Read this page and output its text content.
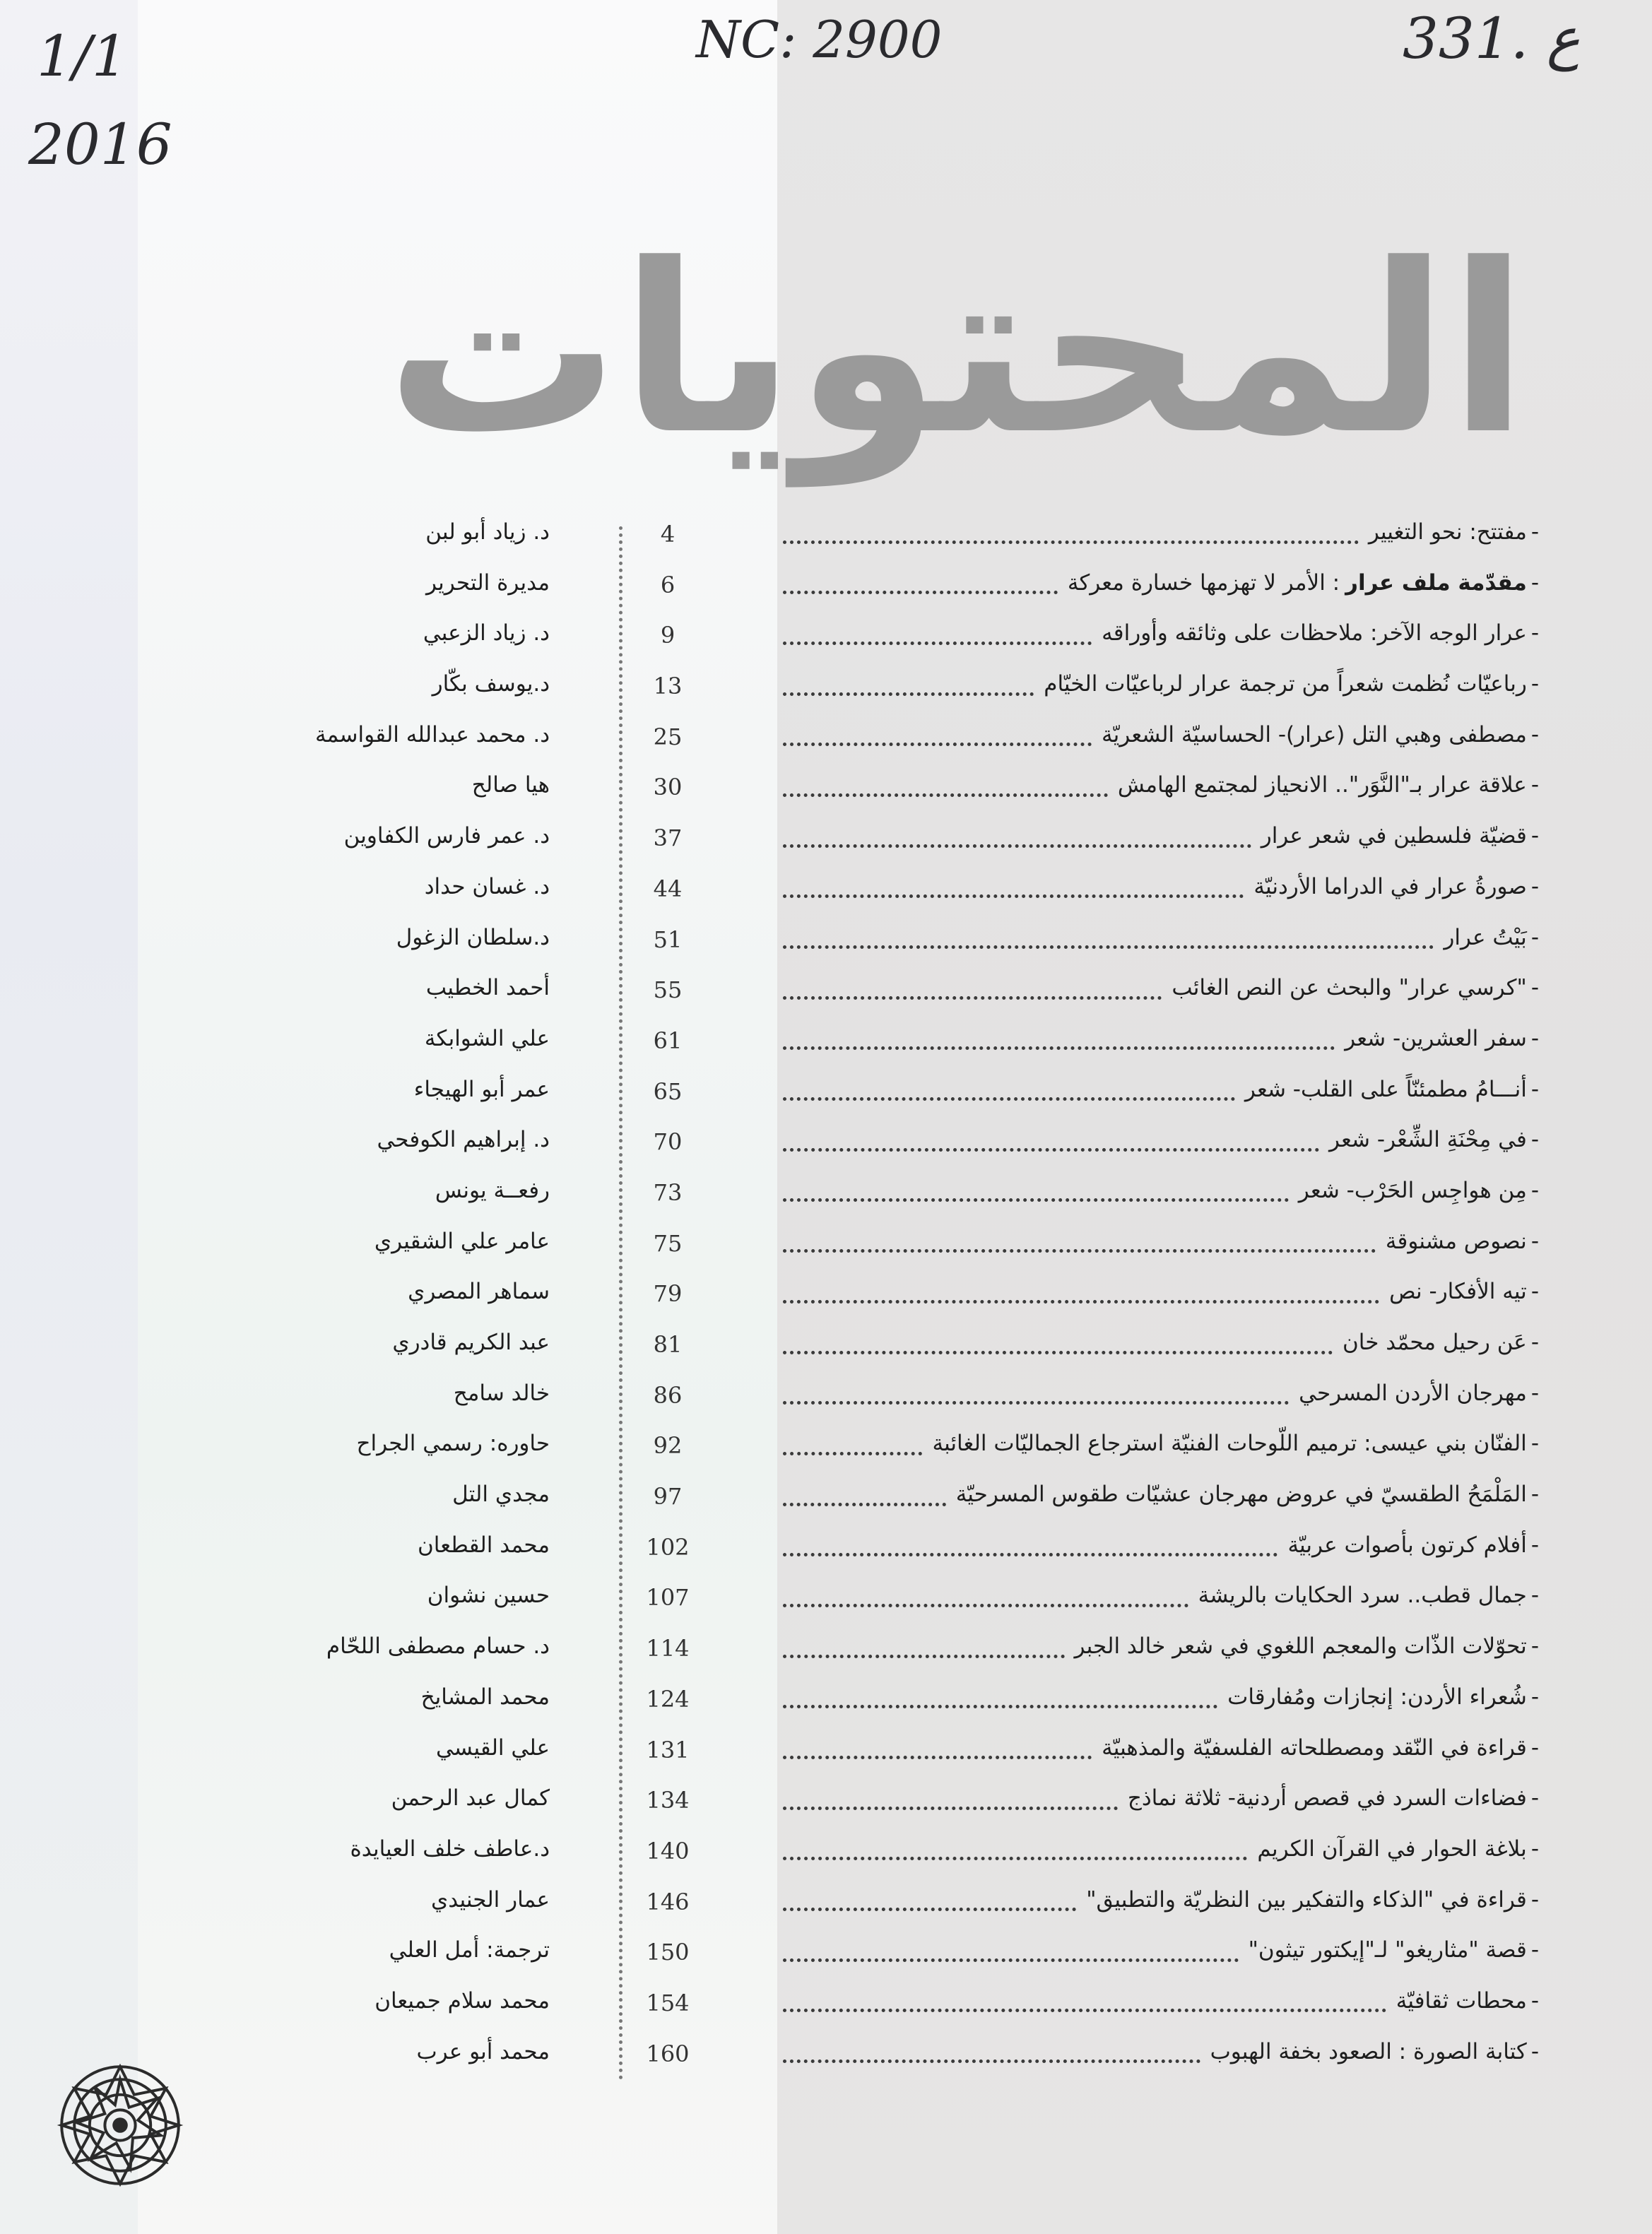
1/1
2016
NC: 2900	331. ع
المحتويات
-
مفتتح: نحو التغيير
4
د. زياد أبو لبن
-
مقدّمة ملف عرار
: الأمر لا تهزمها خسارة معركة
6
مديرة التحرير
-
عرار الوجه الآخر: ملاحظات على وثائقه وأوراقه
9
د. زياد الزعبي
-
رباعيّات نُظمت شعراً من ترجمة عرار لرباعيّات الخيّام
13
د.يوسف بكّار
-
مصطفى وهبي التل (عرار)- الحساسيّة الشعريّة
25
د. محمد عبدالله القواسمة
-
علاقة عرار بـ"النَّوَر".. الانحياز لمجتمع الهامش
30
هيا صالح
-
قضيّة فلسطين في شعر عرار
37
د. عمر فارس الكفاوين
-
صورةُ عرار في الدراما الأردنيّة
44
د. غسان حداد
-
بَيْتُ عرار
51
د.سلطان الزغول
-
"كرسي عرار" والبحث عن النص الغائب
55
أحمد الخطيب
-
سفر العشرين- شعر
61
علي الشوابكة
-
أنـــامُ مطمئنّاً على القلب- شعر
65
عمر أبو الهيجاء
-
في مِحْنَةِ الشِّعْر- شعر
70
د. إبراهيم الكوفحي
-
مِن هواجِس الحَرْب- شعر
73
رفعــة يونس
-
نصوص مشنوقة
75
عامر علي الشقيري
-
تيه الأفكار- نص
79
سماهر المصري
-
عَن رحيل محمّد خان
81
عبد الكريم قادري
-
مهرجان الأردن المسرحي
86
خالد سامح
-
الفنّان بني عيسى: ترميم اللّوحات الفنيّة استرجاع الجماليّات الغائبة
92
حاوره: رسمي الجراح
-
المَلْمَحُ الطقسيّ في عروض مهرجان عشيّات طقوس المسرحيّة
97
مجدي التل
-
أفلام كرتون بأصوات عربيّة
102
محمد القطعان
-
جمال قطب.. سرد الحكايات بالريشة
107
حسين نشوان
-
تحوّلات الذّات والمعجم اللغوي في شعر خالد الجبر
114
د. حسام مصطفى اللحّام
-
شُعراء الأردن: إنجازات ومُفارقات
124
محمد المشايخ
-
قراءة في النّقد ومصطلحاته الفلسفيّة والمذهبيّة
131
علي القيسي
-
فضاءات السرد في قصص أردنية- ثلاثة نماذج
134
كمال عبد الرحمن
-
بلاغة الحوار في القرآن الكريم
140
د.عاطف خلف العيايدة
-
قراءة في "الذكاء والتفكير بين النظريّة والتطبيق"
146
عمار الجنيدي
-
قصة "مثاريغو" لـ"إيكتور تيثون"
150
ترجمة: أمل العلي
-
محطات ثقافيّة
154
محمد سلام جميعان
-
كتابة الصورة : الصعود بخفة الهبوب
160
محمد أبو عرب
